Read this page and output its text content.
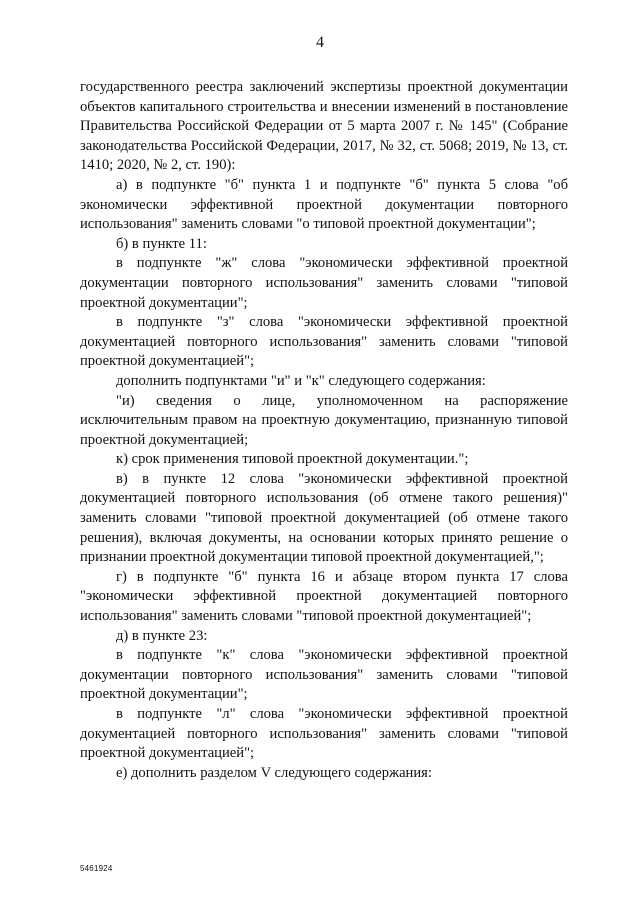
4

государственного реестра заключений экспертизы проектной документации объектов капитального строительства и внесении изменений в постановление Правительства Российской Федерации от 5 марта 2007 г. № 145" (Собрание законодательства Российской Федерации, 2017, № 32, ст. 5068; 2019, № 13, ст. 1410; 2020, № 2, ст. 190):

а) в подпункте "б" пункта 1 и подпункте "б" пункта 5 слова "об экономически эффективной проектной документации повторного использования" заменить словами "о типовой проектной документации";

б) в пункте 11:

в подпункте "ж" слова "экономически эффективной проектной документации повторного использования" заменить словами "типовой проектной документации";

в подпункте "з" слова "экономически эффективной проектной документацией повторного использования" заменить словами "типовой проектной документацией";

дополнить подпунктами "и" и "к" следующего содержания:

"и) сведения о лице, уполномоченном на распоряжение исключительным правом на проектную документацию, признанную типовой проектной документацией;

к) срок применения типовой проектной документации.";

в) в пункте 12 слова "экономически эффективной проектной документацией повторного использования (об отмене такого решения)" заменить словами "типовой проектной документацией (об отмене такого решения), включая документы, на основании которых принято решение о признании проектной документации типовой проектной документацией,";

г) в подпункте "б" пункта 16 и абзаце втором пункта 17 слова "экономически эффективной проектной документацией повторного использования" заменить словами "типовой проектной документацией";

д) в пункте 23:

в подпункте "к" слова "экономически эффективной проектной документации повторного использования" заменить словами "типовой проектной документации";

в подпункте "л" слова "экономически эффективной проектной документацией повторного использования" заменить словами "типовой проектной документацией";

е) дополнить разделом V следующего содержания:

5461924
